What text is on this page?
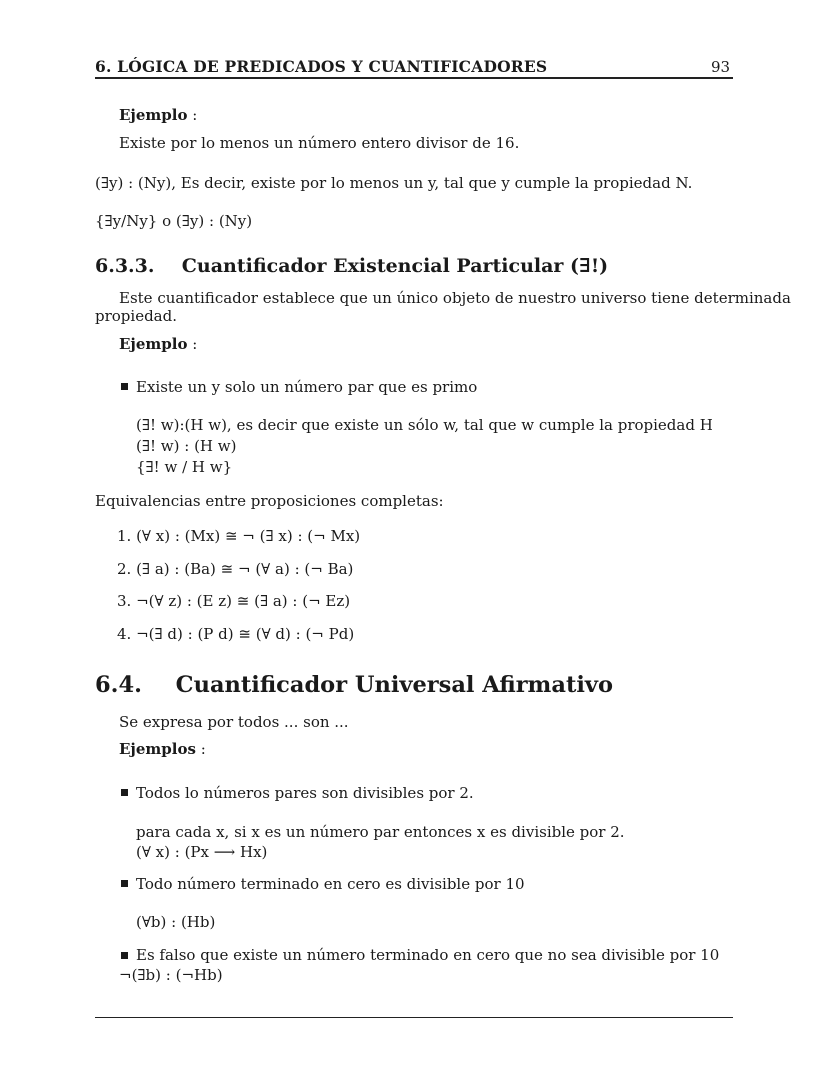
6. LÓGICA DE PREDICADOS Y CUANTIFICADORES	93
Ejemplo :
Existe por lo menos un número entero divisor de 16.
(∃y) : (Ny), Es decir, existe por lo menos un y, tal que y cumple la propiedad N.
{∃y/Ny} o (∃y) : (Ny)
6.3.3. Cuantificador Existencial Particular (∃!)
Este cuantificador establece que un único objeto de nuestro universo tiene determinada
propiedad.
Ejemplo :
Existe un y solo un número par que es primo
(∃! w):(H w), es decir que existe un sólo w, tal que w cumple la propiedad H
(∃! w) : (H w)
{∃! w / H w}
Equivalencias entre proposiciones completas:
1. (∀ x) : (Mx) ≅ ¬ (∃ x) : (¬ Mx)
2. (∃ a) : (Ba) ≅ ¬ (∀ a) : (¬ Ba)
3. ¬(∀ z) : (E z) ≅ (∃ a) : (¬ Ez)
4. ¬(∃ d) : (P d) ≅ (∀ d) : (¬ Pd)
6.4. Cuantificador Universal Afirmativo
Se expresa por todos ... son ...
Ejemplos :
Todos lo números pares son divisibles por 2.
para cada x, si x es un número par entonces x es divisible por 2.
(∀ x) : (Px ⟶ Hx)
Todo número terminado en cero es divisible por 10
(∀b) : (Hb)
Es falso que existe un número terminado en cero que no sea divisible por 10
¬(∃b) : (¬Hb)
